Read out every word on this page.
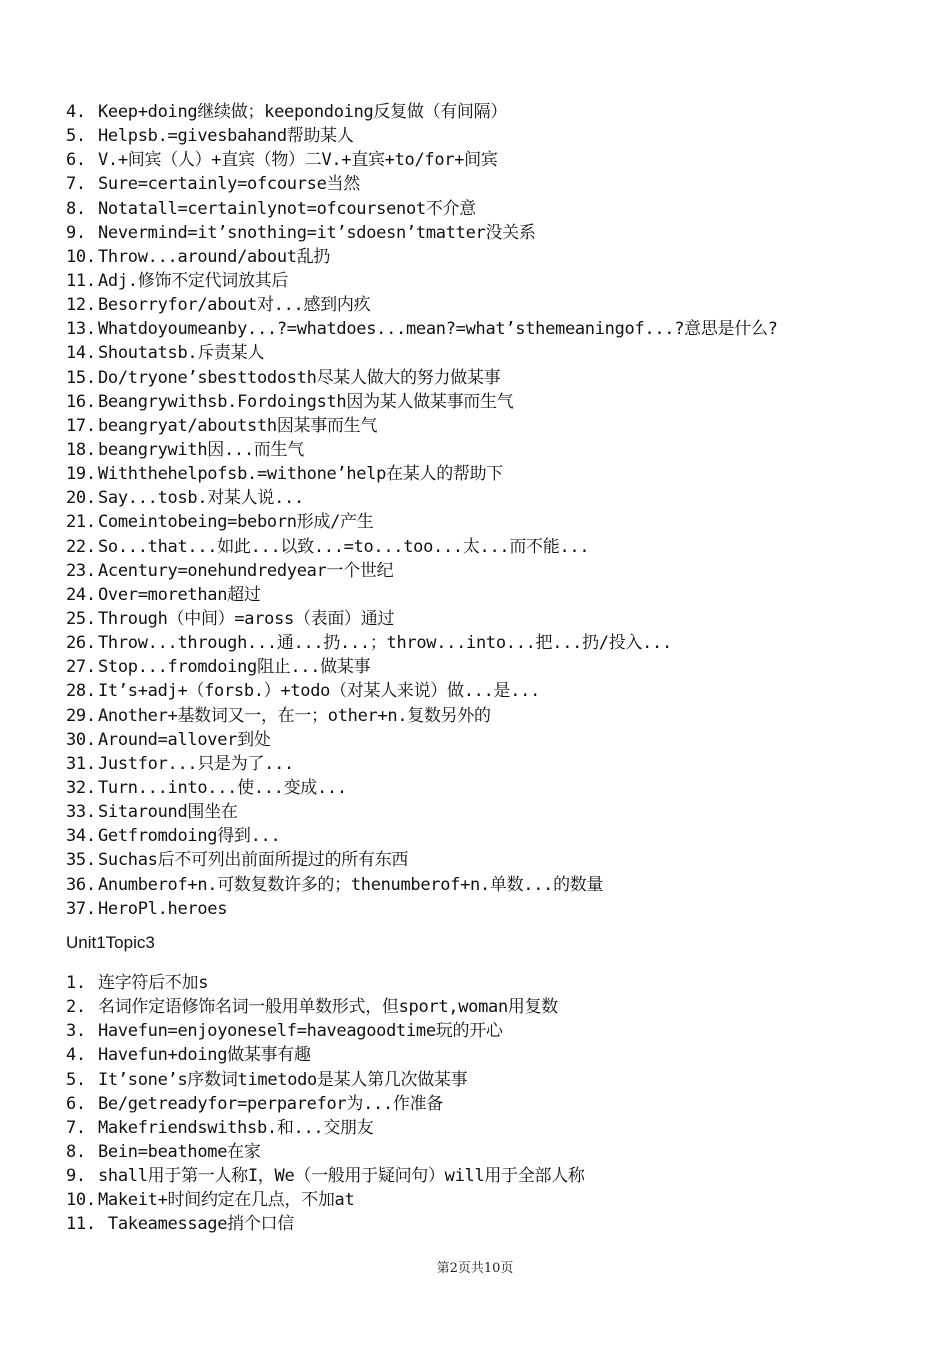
4. Keep+doing继续做；keepondoing反复做（有间隔）
5. Helpsb.=givesbahand帮助某人
6. V.+间宾（人）+直宾（物）二V.+直宾+to/for+间宾
7. Sure=certainly=ofcourse当然
8. Notatall=certainlynot=ofcoursenot不介意
9. Nevermind=it’snothing=it’sdoesn’tmatter没关系
10. Throw...around/about乱扔
11. Adj.修饰不定代词放其后
12. Besorryfor/about对...感到内疚
13. Whatdoyoumeanby...?=whatdoes...mean?=what’sthemeaningof...?意思是什么?
14. Shoutatsb.斥责某人
15. Do/tryone’sbesttodosth尽某人做大的努力做某事
16. Beangrywithsb.Fordoingsth因为某人做某事而生气
17. beangryat/aboutsth因某事而生气
18. beangrywith因...而生气
19. Withthehelpofsb.=withone’help在某人的帮助下
20. Say...tosb.对某人说...
21. Comeintobeing=beborn形成/产生
22. So...that...如此...以致...=to...too...太...而不能...
23. Acentury=onehundredyear一个世纪
24. Over=morethan超过
25. Through（中间）=aross（表面）通过
26. Throw...through...通...扔...；throw...into...把...扔/投入...
27. Stop...fromdoing阻止...做某事
28. It’s+adj+（forsb.）+todo（对某人来说）做...是...
29. Another+基数词又一，在一；other+n.复数另外的
30. Around=allover到处
31. Justfor...只是为了...
32. Turn...into...使...变成...
33. Sitaround围坐在
34. Getfromdoing得到...
35. Suchas后不可列出前面所提过的所有东西
36. Anumberof+n.可数复数许多的；thenumberof+n.单数...的数量
37. HeroPl.heroes
Unit1Topic3
1. 连字符后不加s
2. 名词作定语修饰名词一般用单数形式，但sport,woman用复数
3. Havefun=enjoyoneself=haveagoodtime玩的开心
4. Havefun+doing做某事有趣
5. It’sone’s序数词timetodo是某人第几次做某事
6. Be/getreadyfor=perparefor为...作准备
7. Makefriendswithsb.和...交朋友
8. Bein=beathome在家
9. shall用于第一人称I，We（一般用于疑问句）will用于全部人称
10. Makeit+时间约定在几点，不加at
11. Takeamessage捎个口信
第2页共10页
